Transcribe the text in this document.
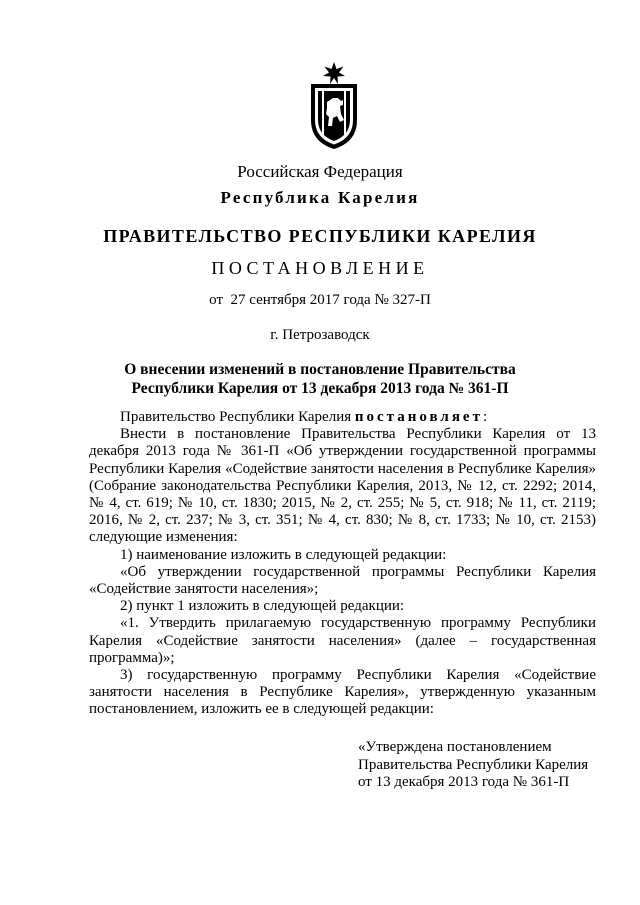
Российская Федерация
Республика Карелия
ПРАВИТЕЛЬСТВО РЕСПУБЛИКИ КАРЕЛИЯ
ПОСТАНОВЛЕНИЕ
от  27 сентября 2017 года № 327-П
г. Петрозаводск
О внесении изменений в постановление Правительства
Республики Карелия от 13 декабря 2013 года № 361-П

Правительство Республики Карелия постановляет:

Внести в постановление Правительства Республики Карелия от 13 декабря 2013 года № 361-П «Об утверждении государственной программы Республики Карелия «Содействие занятости населения в Республике Карелия» (Собрание законодательства Республики Карелия, 2013, № 12, ст. 2292; 2014, № 4, ст. 619; № 10, ст. 1830; 2015, № 2, ст. 255; № 5, ст. 918; № 11, ст. 2119; 2016, № 2, ст. 237; № 3, ст. 351; № 4, ст. 830; № 8, ст. 1733; № 10, ст. 2153) следующие изменения:

1) наименование изложить в следующей редакции:

«Об утверждении государственной программы Республики Карелия «Содействие занятости населения»;

2) пункт 1 изложить в следующей редакции:

«1. Утвердить прилагаемую государственную программу Республики Карелия «Содействие занятости населения» (далее – государственная программа)»;

3) государственную программу Республики Карелия «Содействие занятости населения в Республике Карелия», утвержденную указанным постановлением, изложить ее в следующей редакции:

«Утверждена постановлением
Правительства Республики Карелия
от 13 декабря 2013 года № 361-П
